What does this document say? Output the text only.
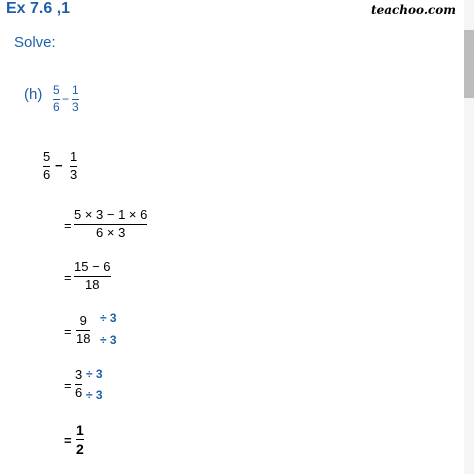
Ex 7.6 ,1	teachoo.com
Solve:
(h) 5
6
−
1
3
5
6
−
1
3
=
5 × 3 − 1 × 6
6 × 3
=
15 − 6
18
=
9
18
÷ 3
÷ 3
=
3
6
÷ 3
÷ 3
=
1
2
